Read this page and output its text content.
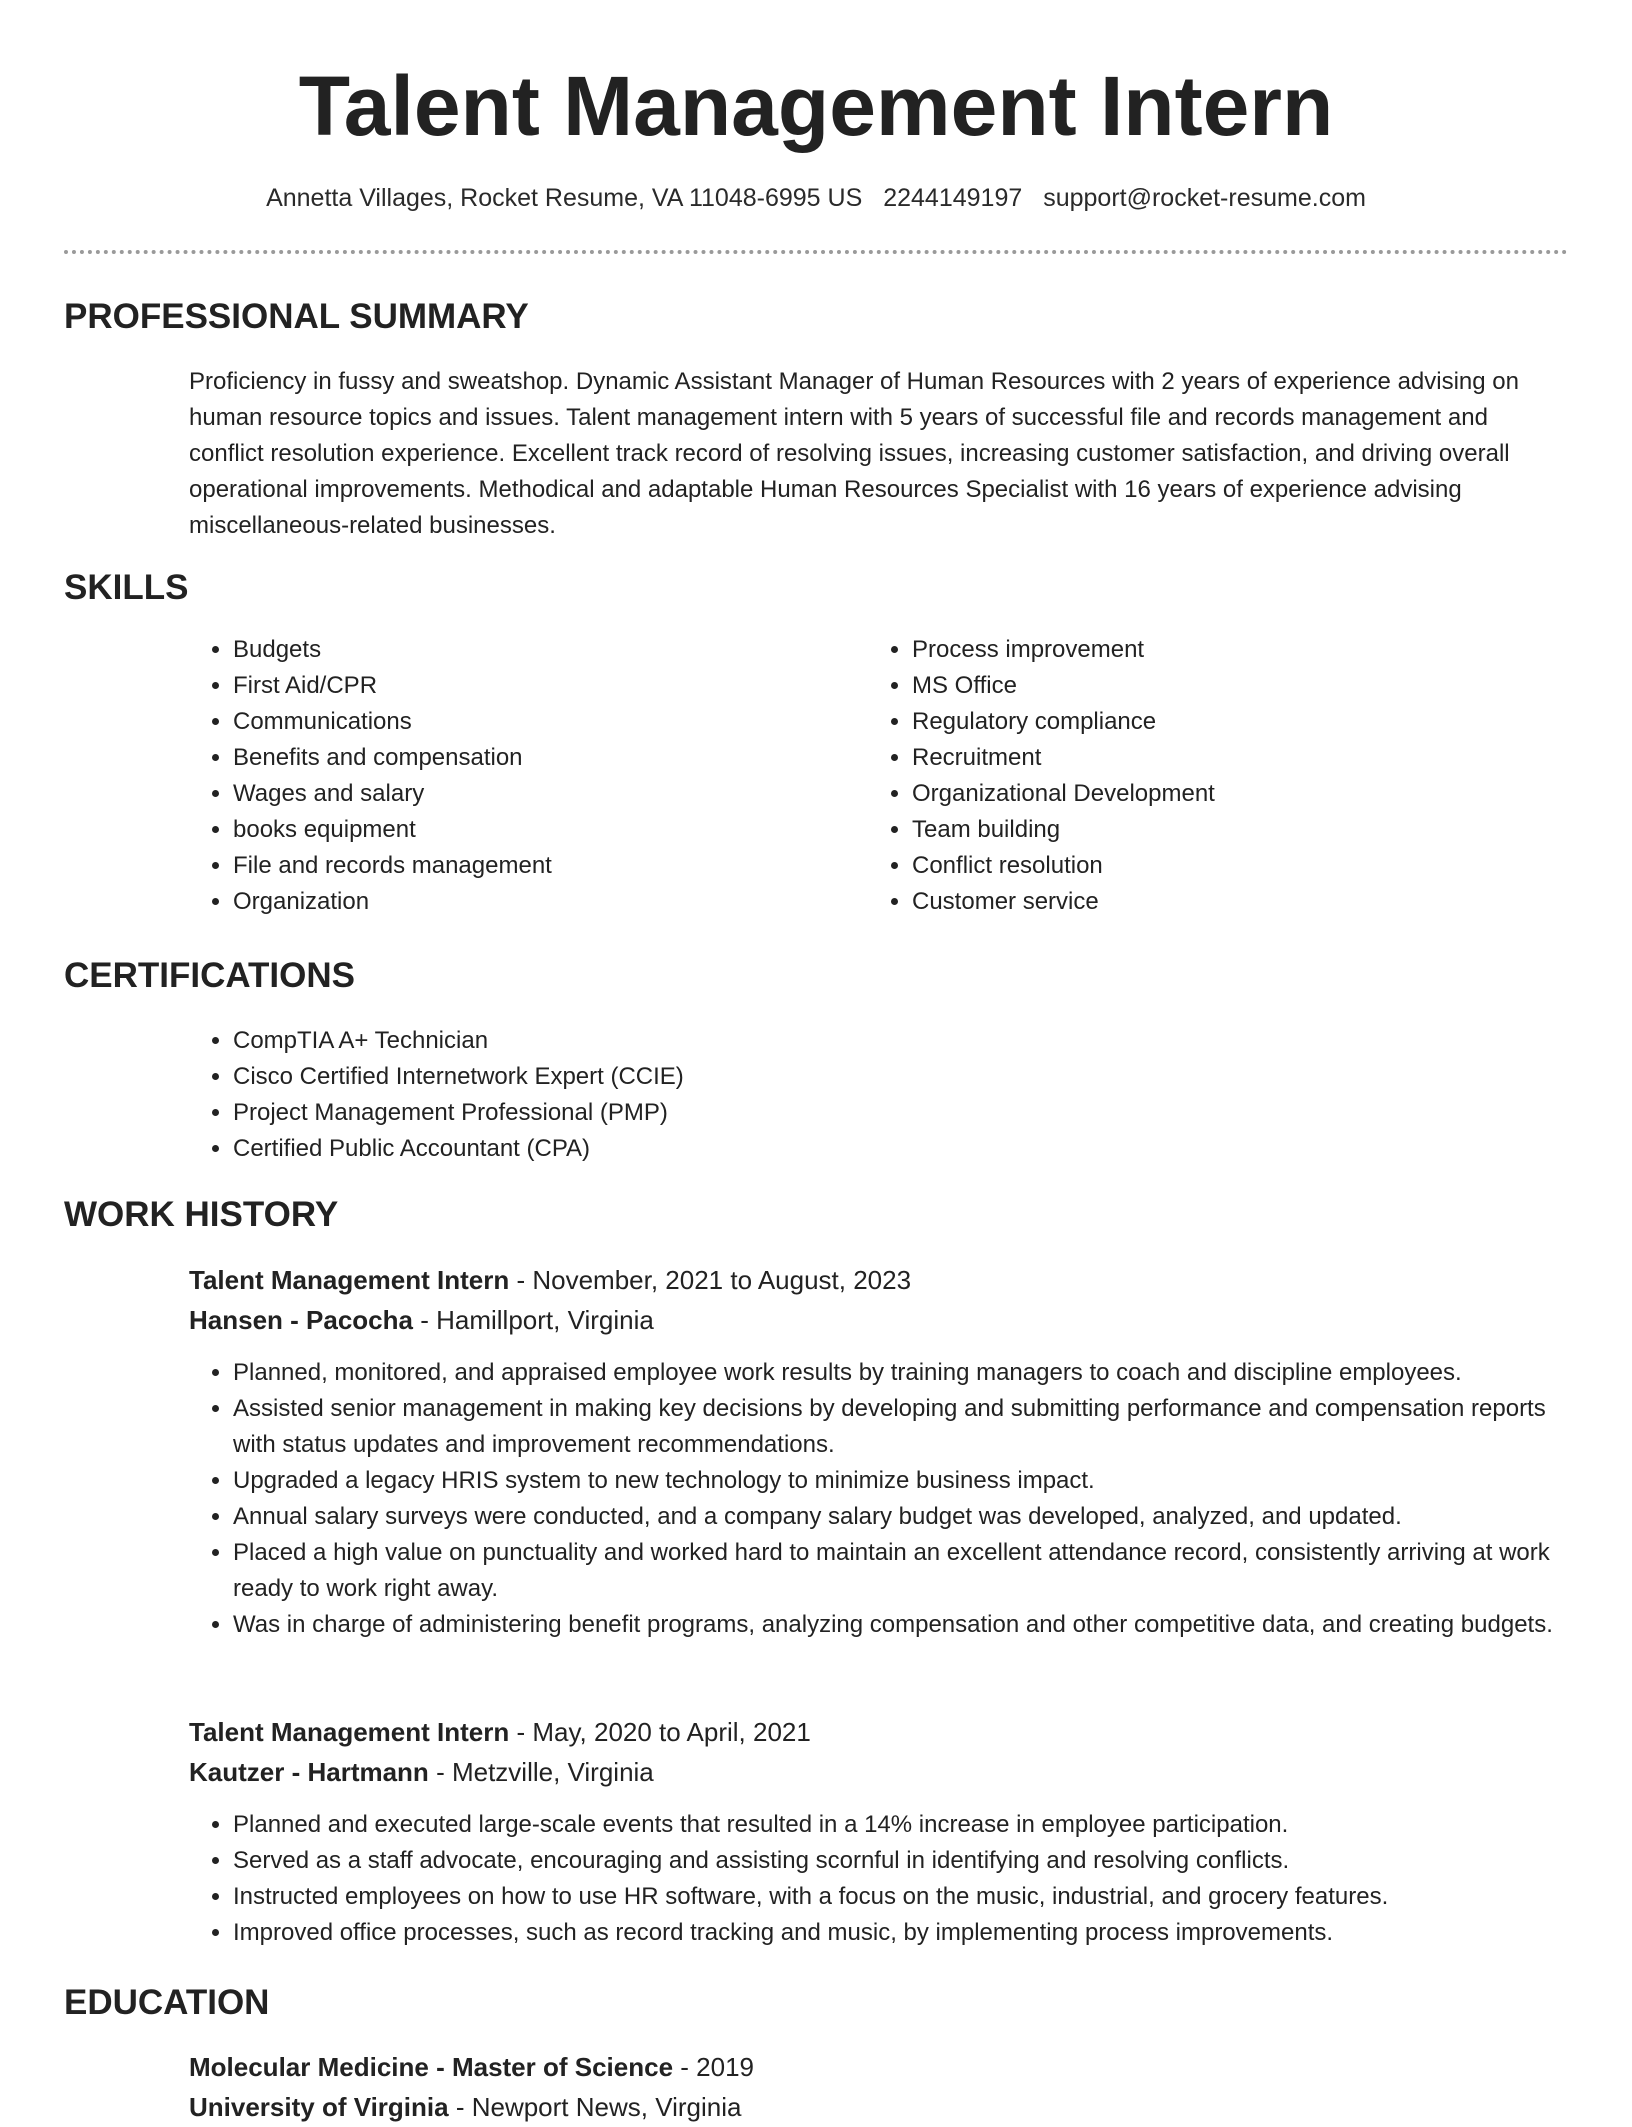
Talent Management Intern
Annetta Villages, Rocket Resume, VA 11048-6995 US 2244149197 support@rocket-resume.com
PROFESSIONAL SUMMARY

Proficiency in fussy and sweatshop. Dynamic Assistant Manager of Human Resources with 2 years of experience advising on human resource topics and issues. Talent management intern with 5 years of successful file and records management and conflict resolution experience. Excellent track record of resolving issues, increasing customer satisfaction, and driving overall operational improvements. Methodical and adaptable Human Resources Specialist with 16 years of experience advising miscellaneous-related businesses.

SKILLS
• Budgets
• First Aid/CPR
• Communications
• Benefits and compensation
• Wages and salary
• books equipment
• File and records management
• Organization
• Process improvement
• MS Office
• Regulatory compliance
• Recruitment
• Organizational Development
• Team building
• Conflict resolution
• Customer service
CERTIFICATIONS
• CompTIA A+ Technician
• Cisco Certified Internetwork Expert (CCIE)
• Project Management Professional (PMP)
• Certified Public Accountant (CPA)
WORK HISTORY
Talent Management Intern - November, 2021 to August, 2023
Hansen - Pacocha - Hamillport, Virginia
• Planned, monitored, and appraised employee work results by training managers to coach and discipline employees.
• Assisted senior management in making key decisions by developing and submitting performance and compensation reports with status updates and improvement recommendations.
• Upgraded a legacy HRIS system to new technology to minimize business impact.
• Annual salary surveys were conducted, and a company salary budget was developed, analyzed, and updated.
• Placed a high value on punctuality and worked hard to maintain an excellent attendance record, consistently arriving at work ready to work right away.
• Was in charge of administering benefit programs, analyzing compensation and other competitive data, and creating budgets.
Talent Management Intern - May, 2020 to April, 2021
Kautzer - Hartmann - Metzville, Virginia
• Planned and executed large-scale events that resulted in a 14% increase in employee participation.
• Served as a staff advocate, encouraging and assisting scornful in identifying and resolving conflicts.
• Instructed employees on how to use HR software, with a focus on the music, industrial, and grocery features.
• Improved office processes, such as record tracking and music, by implementing process improvements.
EDUCATION
Molecular Medicine - Master of Science - 2019
University of Virginia - Newport News, Virginia
